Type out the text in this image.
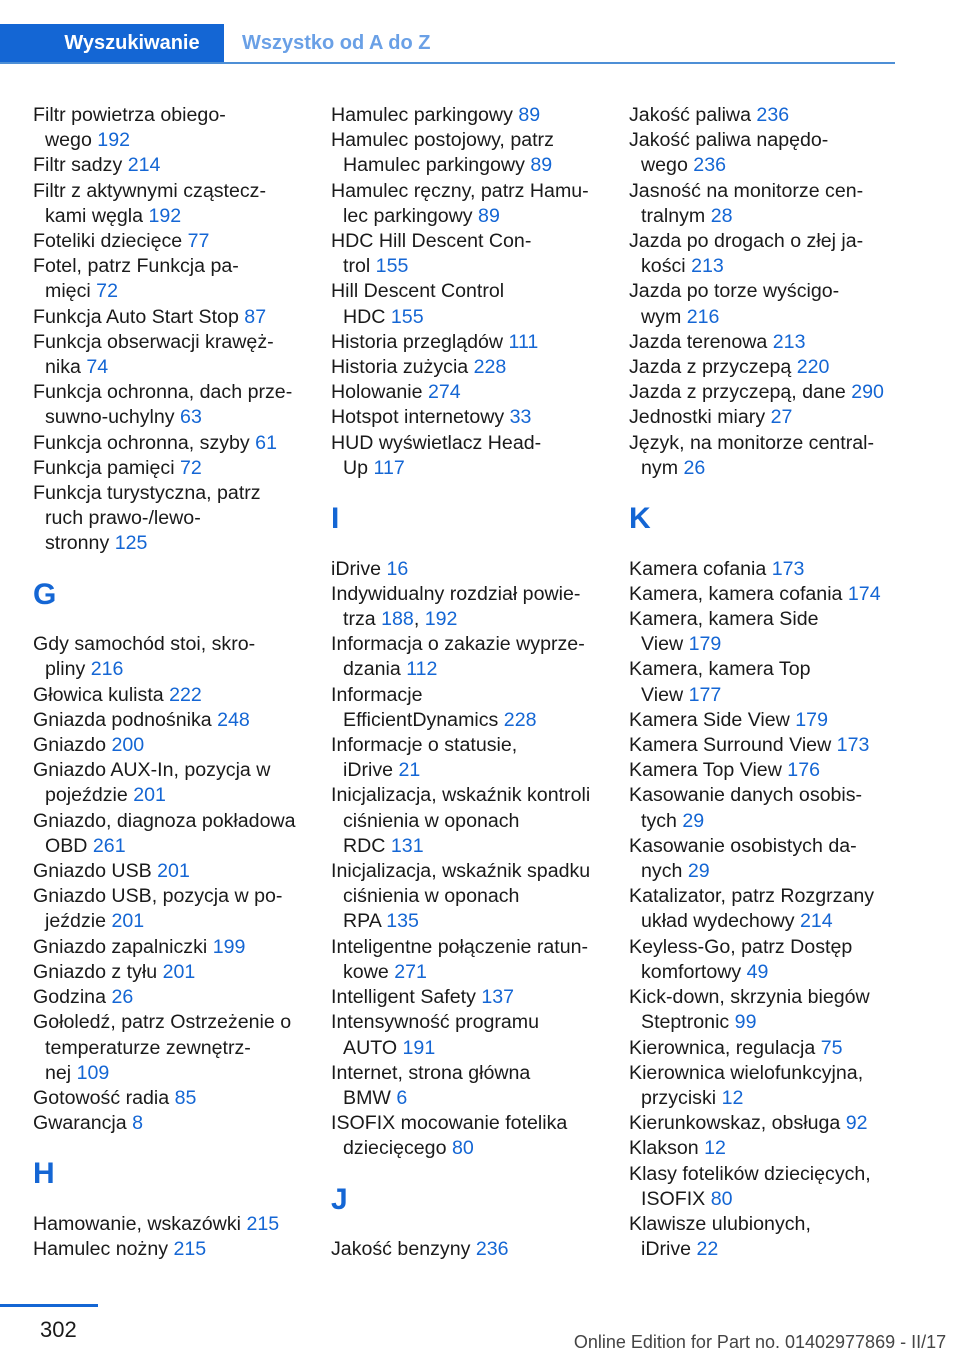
Wyszukiwanie	Wszystko od A do Z
Filtr powietrza obiego-
wego 192
Filtr sadzy 214
Filtr z aktywnymi cząstecz-
kami węgla 192
Foteliki dziecięce 77
Fotel, patrz Funkcja pa-
mięci 72
Funkcja Auto Start Stop 87
Funkcja obserwacji krawęż-
nika 74
Funkcja ochronna, dach prze-
suwno-uchylny 63
Funkcja ochronna, szyby 61
Funkcja pamięci 72
Funkcja turystyczna, patrz
ruch prawo-/lewo-
stronny 125
G
Gdy samochód stoi, skro-
pliny 216
Głowica kulista 222
Gniazda podnośnika 248
Gniazdo 200
Gniazdo AUX-In, pozycja w
pojeździe 201
Gniazdo, diagnoza pokładowa
OBD 261
Gniazdo USB 201
Gniazdo USB, pozycja w po-
jeździe 201
Gniazdo zapalniczki 199
Gniazdo z tyłu 201
Godzina 26
Gołoledź, patrz Ostrzeżenie o
temperaturze zewnętrz-
nej 109
Gotowość radia 85
Gwarancja 8
H
Hamowanie, wskazówki 215
Hamulec nożny 215
Hamulec parkingowy 89
Hamulec postojowy, patrz
Hamulec parkingowy 89
Hamulec ręczny, patrz Hamu-
lec parkingowy 89
HDC Hill Descent Con-
trol 155
Hill Descent Control
HDC 155
Historia przeglądów 111
Historia zużycia 228
Holowanie 274
Hotspot internetowy 33
HUD wyświetlacz Head-
Up 117
I
iDrive 16
Indywidualny rozdział powie-
trza 188, 192
Informacja o zakazie wyprze-
dzania 112
Informacje
EfficientDynamics 228
Informacje o statusie,
iDrive 21
Inicjalizacja, wskaźnik kontroli
ciśnienia w oponach
RDC 131
Inicjalizacja, wskaźnik spadku
ciśnienia w oponach
RPA 135
Inteligentne połączenie ratun-
kowe 271
Intelligent Safety 137
Intensywność programu
AUTO 191
Internet, strona główna
BMW 6
ISOFIX mocowanie fotelika
dziecięcego 80
J
Jakość benzyny 236
Jakość paliwa 236
Jakość paliwa napędo-
wego 236
Jasność na monitorze cen-
tralnym 28
Jazda po drogach o złej ja-
kości 213
Jazda po torze wyścigo-
wym 216
Jazda terenowa 213
Jazda z przyczepą 220
Jazda z przyczepą, dane 290
Jednostki miary 27
Język, na monitorze central-
nym 26
K
Kamera cofania 173
Kamera, kamera cofania 174
Kamera, kamera Side
View 179
Kamera, kamera Top
View 177
Kamera Side View 179
Kamera Surround View 173
Kamera Top View 176
Kasowanie danych osobis-
tych 29
Kasowanie osobistych da-
nych 29
Katalizator, patrz Rozgrzany
układ wydechowy 214
Keyless-Go, patrz Dostęp
komfortowy 49
Kick-down, skrzynia biegów
Steptronic 99
Kierownica, regulacja 75
Kierownica wielofunkcyjna,
przyciski 12
Kierunkowskaz, obsługa 92
Klakson 12
Klasy fotelików dziecięcych,
ISOFIX 80
Klawisze ulubionych,
iDrive 22
302	Online Edition for Part no. 01402977869 - II/17
